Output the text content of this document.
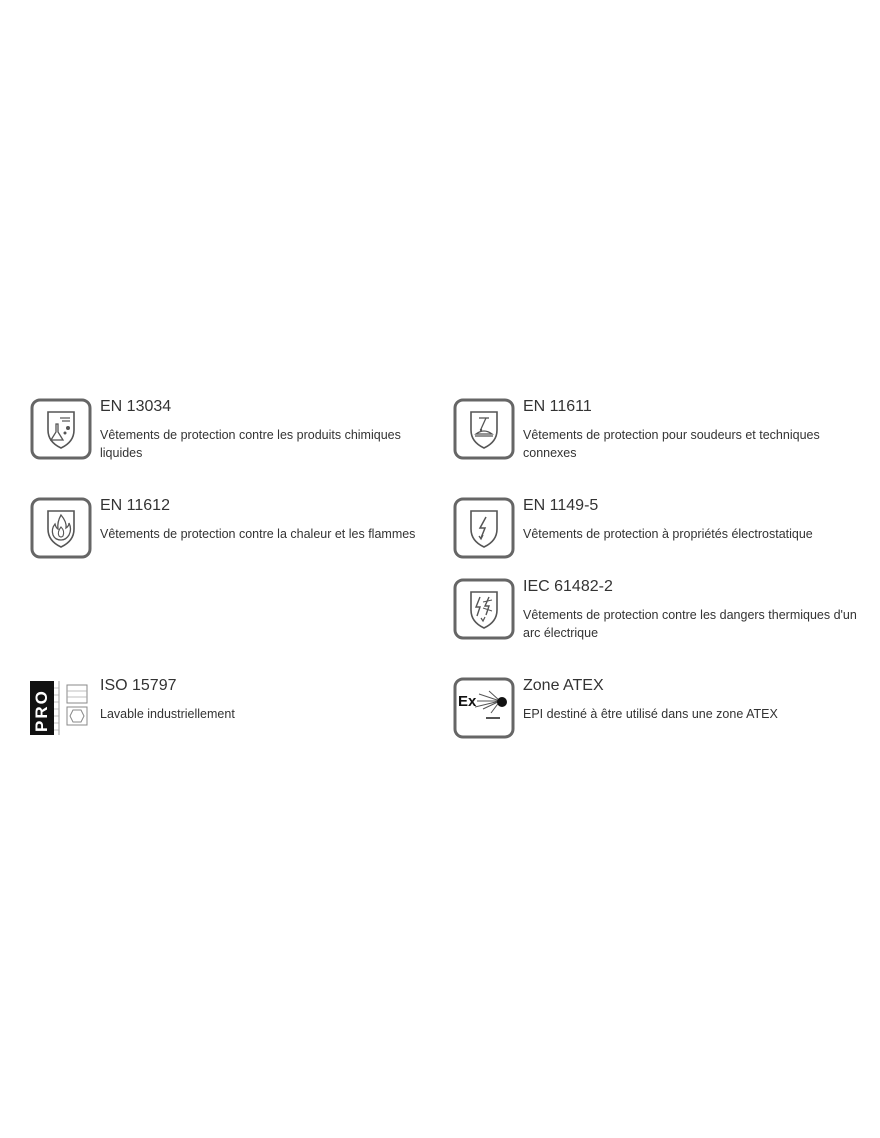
EN 13034
Vêtements de protection contre les produits chimiques liquides
EN 11611
Vêtements de protection pour soudeurs et techniques connexes
EN 11612
Vêtements de protection contre la chaleur et les flammes
EN 1149-5
Vêtements de protection à propriétés électrostatique
IEC 61482-2
Vêtements de protection contre les dangers thermiques d'un arc électrique
PRO
ISO 15797
Lavable industriellement
Ex
Zone ATEX
EPI destiné à être utilisé dans une zone ATEX
